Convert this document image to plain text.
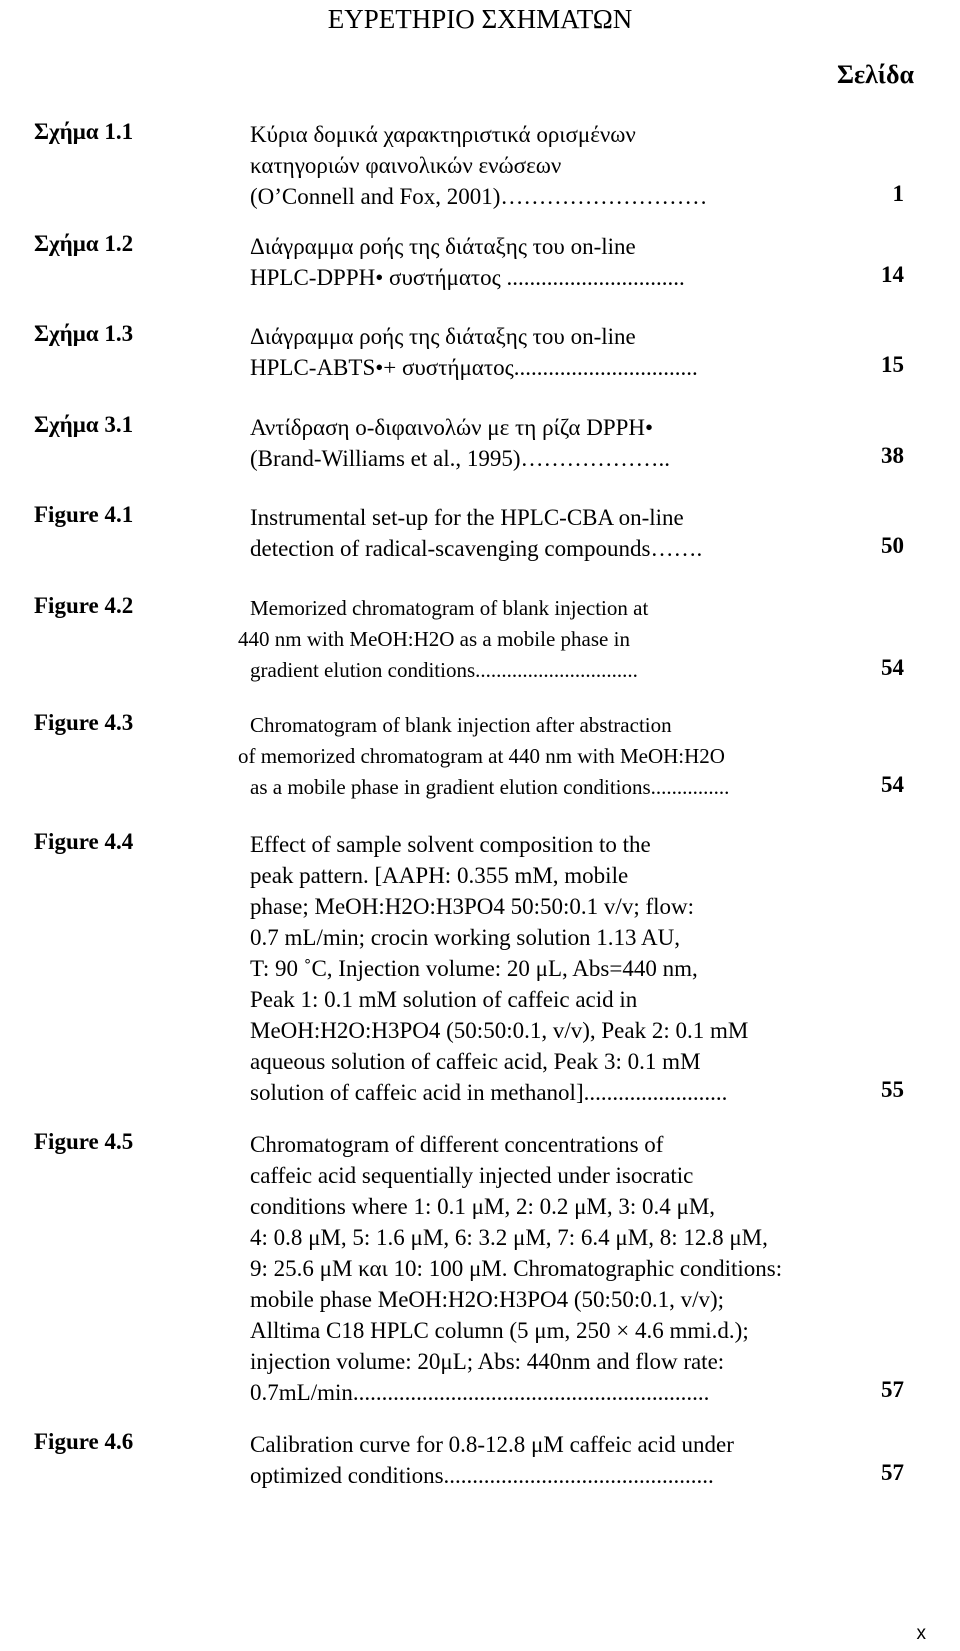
ΕΥΡΕΤΗΡΙΟ ΣΧΗΜΑΤΩΝ
Σελίδα
Σχήμα 1.1	Κύρια δομικά χαρακτηριστικά ορισμένων
κατηγοριών φαινολικών ενώσεων
(O’Connell and Fox, 2001)………………………	1
Σχήμα 1.2	Διάγραμμα ροής της διάταξης του on-line
HPLC-DPPH• συστήματος ...............................	14
Σχήμα 1.3	Διάγραμμα ροής της διάταξης του on-line
HPLC-ABTS•+ συστήματος................................	15
Σχήμα 3.1	Αντίδραση ο-διφαινολών με τη ρίζα DPPH•
(Brand-Williams et al., 1995)………………..	38
Figure 4.1	Instrumental set-up for the HPLC-CBA on-line
detection of radical-scavenging compounds…….	50
Figure 4.2	Memorized chromatogram of blank injection at
440 nm with MeOH:H2O as a mobile phase in
gradient elution conditions...............................	54
Figure 4.3	Chromatogram of blank injection after abstraction
of memorized chromatogram at 440 nm with MeOH:H2O
as a mobile phase in gradient elution conditions...............	54
Figure 4.4	Effect of sample solvent composition to the
peak pattern. [AAPH: 0.355 mM, mobile
phase; MeOH:H2O:H3PO4 50:50:0.1 v/v; flow:
0.7 mL/min; crocin working solution 1.13 AU,
T: 90 ˚C, Injection volume: 20 μL, Abs=440 nm,
Peak 1: 0.1 mM solution of caffeic acid in
MeOH:H2O:H3PO4 (50:50:0.1, v/v), Peak 2: 0.1 mM
aqueous solution of caffeic acid, Peak 3: 0.1 mM
solution of caffeic acid in methanol].........................	55
Figure 4.5	Chromatogram of different concentrations of
caffeic acid sequentially injected under isocratic
conditions where 1: 0.1 μM, 2: 0.2 μM, 3: 0.4 μM,
4: 0.8 μM, 5: 1.6 μM, 6: 3.2 μM, 7: 6.4 μM, 8: 12.8 μM,
9: 25.6 μM και 10: 100 μM. Chromatographic conditions:
mobile phase MeOH:H2O:H3PO4 (50:50:0.1, v/v);
Alltima C18 HPLC column (5 μm, 250 × 4.6 mmi.d.);
injection volume: 20μL; Abs: 440nm and flow rate:
0.7mL/min..............................................................	57
Figure 4.6	Calibration curve for 0.8-12.8 μM caffeic acid under
optimized conditions...............................................	57
x
